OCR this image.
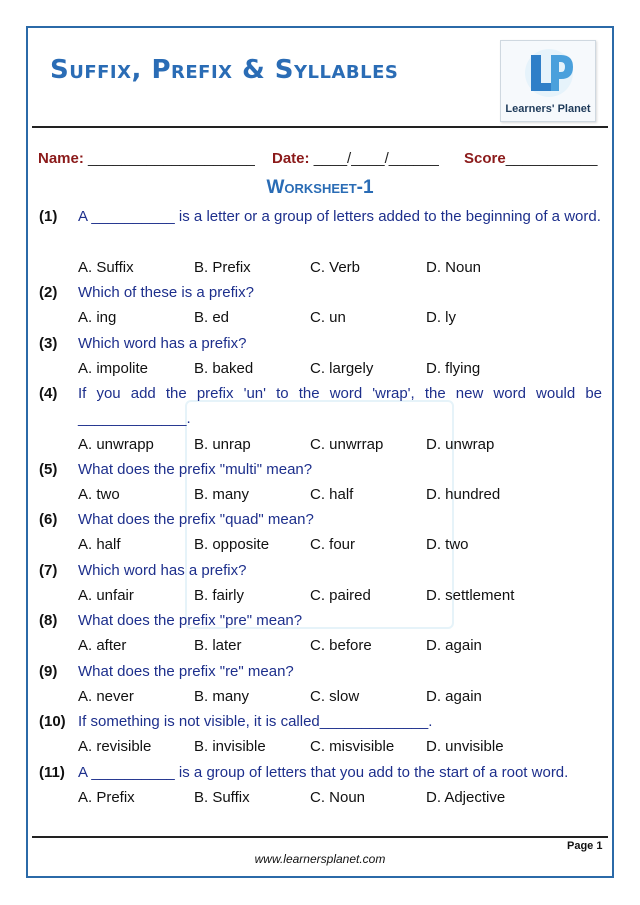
Suffix, Prefix & Syllables
Learners' Planet
Name: ____________________ Date: ____/____/______ Score___________
Worksheet-1
(1) A __________ is a letter or a group of letters added to the beginning of a word.
A. Suffix	B. Prefix	C. Verb	D. Noun
(2) Which of these is a prefix?
A. ing	B. ed	C. un	D. ly
(3) Which word has a prefix?
A. impolite	B. baked	C. largely	D. flying
(4) If you add the prefix 'un' to the word 'wrap', the new word would be _____________.
A. unwrapp	B. unrap	C. unwrrap	D. unwrap
(5) What does the prefix "multi" mean?
A. two	B. many	C. half	D. hundred
(6) What does the prefix "quad" mean?
A. half	B. opposite	C. four	D. two
(7) Which word has a prefix?
A. unfair	B. fairly	C. paired	D. settlement
(8) What does the prefix "pre" mean?
A. after	B. later	C. before	D. again
(9) What does the prefix "re" mean?
A. never	B. many	C. slow	D. again
(10) If something is not visible, it is called_____________.
A. revisible	B. invisible	C. misvisible D. unvisible
(11) A __________ is a group of letters that you add to the start of a root word.
A. Prefix	B. Suffix	C. Noun	D. Adjective
Page 1
www.learnersplanet.com
